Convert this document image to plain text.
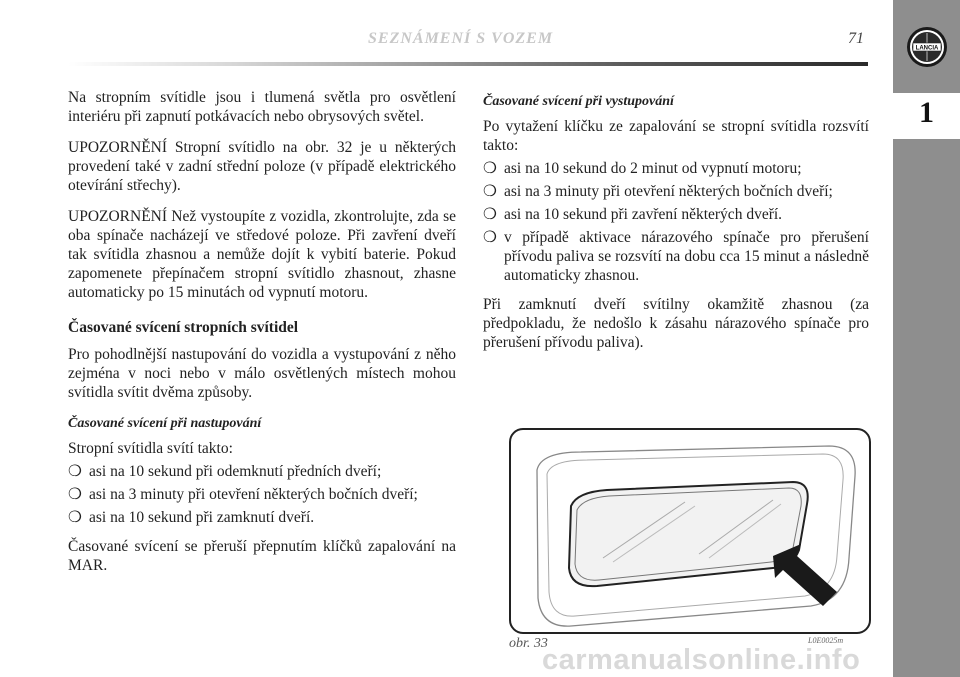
1
LANCIA
SEZNÁMENÍ S VOZEM	71

Na stropním svítidle jsou i tlumená světla pro osvětlení interiéru při zapnutí potkávacích nebo obrysových světel.

UPOZORNĚNÍ Stropní svítidlo na obr. 32 je u některých provedení také v zadní střední poloze (v případě elektrického otevírání střechy).

UPOZORNĚNÍ Než vystoupíte z vozidla, zkontrolujte, zda se oba spínače nacházejí ve středové poloze. Při zavření dveří tak svítidla zhasnou a nemůže dojít k vybití baterie. Pokud zapomenete přepínačem stropní svítidlo zhasnout, zhasne automaticky po 15 minutách od vypnutí motoru.

Časované svícení stropních svítidel

Pro pohodlnější nastupování do vozidla a vystupování z něho zejména v noci nebo v málo osvětlených místech mohou svítidla svítit dvěma způsoby.

Časované svícení při nastupování

Stropní svítidla svítí takto:

❍ asi na 10 sekund při odemknutí předních dveří;
❍ asi na 3 minuty při otevření některých bočních dveří;
❍ asi na 10 sekund při zamknutí dveří.

Časované svícení se přeruší přepnutím klíčků zapalování na MAR.

Časované svícení při vystupování

Po vytažení klíčku ze zapalování se stropní svítidla rozsvítí takto:

❍ asi na 10 sekund do 2 minut od vypnutí motoru;
❍ asi na 3 minuty při otevření některých bočních dveří;
❍ asi na 10 sekund při zavření některých dveří.
❍ v případě aktivace nárazového spínače pro přerušení přívodu paliva se rozsvítí na dobu cca 15 minut a následně automaticky zhasnou.

Při zamknutí dveří svítilny okamžitě zhasnou (za předpokladu, že nedošlo k zásahu nárazového spínače pro přerušení přívodu paliva).

obr. 33	L0E0025m
carmanualsonline.info
